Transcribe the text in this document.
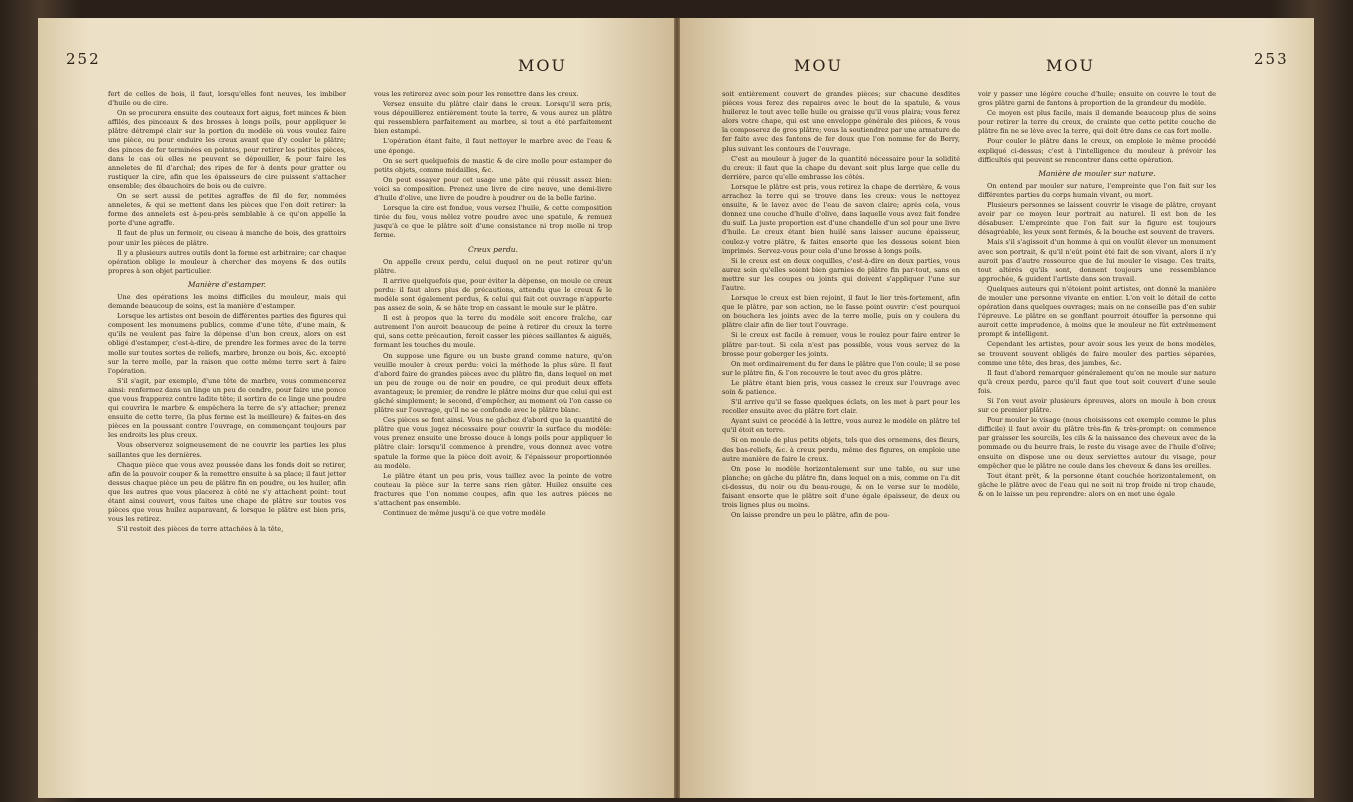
252	MOU

fert de celles de bois, il faut, lorsqu'elles font neuves, les imbiber d'huile ou de cire.

On se procurera ensuite des couteaux fort aigus, fort minces & bien affilés, des pinceaux & des brosses à longs poils, pour appliquer le plâtre détrempé clair sur la portion du modèle où vous voulez faire une pièce, ou pour enduire les creux avant que d'y couler le plâtre; des pinces de fer terminées en pointes, pour retirer les petites pièces, dans le cas où elles ne peuvent se dépouiller, & pour faire les anneletes de fil d'archal; des ripes de fer à dents pour gratter ou rustiquer la cire, afin que les épaisseurs de cire puissent s'attacher ensemble; des ébauchoirs de bois ou de cuivre.

On se sert aussi de petites agraffes de fil de fer, nommées anneletes, & qui se mettent dans les pièces que l'on doit retirer: la forme des annelets est à-peu-près semblable à ce qu'on appelle la porte d'une agraffe.

Il faut de plus un fermoir, ou ciseau à manche de bois, des grattoirs pour unir les pièces de plâtre.

Il y a plusieurs autres outils dont la forme est arbitraire; car chaque opération oblige le mouleur à chercher des moyens & des outils propres à son objet particulier.

Manière d'estamper.

Une des opérations les moins difficiles du mouleur, mais qui demande beaucoup de soins, est la manière d'estamper.

Lorsque les artistes ont besoin de différentes parties des figures qui composent les monumens publics, comme d'une tête, d'une main, & qu'ils ne veulent pas faire la dépense d'un bon creux, alors on est obligé d'estamper, c'est-à-dire, de prendre les formes avec de la terre molle sur toutes sortes de reliefs, marbre, bronze ou bois, &c. excepté sur la terre molle, par la raison que cette même terre sert à faire l'opération.

S'il s'agit, par exemple, d'une tête de marbre, vous commencerez ainsi: renfermez dans un linge un peu de cendre, pour faire une ponce que vous frapperez contre ladite tête; il sortira de ce linge une poudre qui couvrira le marbre & empêchera la terre de s'y attacher; prenez ensuite de cette terre, (la plus ferme est la meilleure) & faites-en des pièces en la poussant contre l'ouvrage, en commençant toujours par les endroits les plus creux.

Vous observerez soigneusement de ne couvrir les parties les plus saillantes que les dernières.

Chaque pièce que vous avez poussée dans les fonds doit se retirer, afin de la pouvoir couper & la remettre ensuite à sa place; il faut jetter dessus chaque pièce un peu de plâtre fin en poudre, ou les huiler, afin que les autres que vous placerez à côté ne s'y attachent point: tout étant ainsi couvert, vous faites une chape de plâtre sur toutes vos pièces que vous huilez auparavant, & lorsque le plâtre est bien pris, vous les retirez.

S'il restoit des pièces de terre attachées à la tête,

vous les retirerez avec soin pour les remettre dans les creux.

Versez ensuite du plâtre clair dans le creux. Lorsqu'il sera pris, vous dépouillerez entièrement toute la terre, & vous aurez un plâtre qui ressemblera parfaitement au marbre, si tout a été parfaitement bien estampé.

L'opération étant faite, il faut nettoyer le marbre avec de l'eau & une éponge.

On se sert quelquefois de mastic & de cire molle pour estamper de petits objets, comme médailles, &c.

On peut essayer pour cet usage une pâte qui réussit assez bien: voici sa composition. Prenez une livre de cire neuve, une demi-livre d'huile d'olive, une livre de poudre à poudrer ou de la belle farine.

Lorsque la cire est fondue, vous versez l'huile, & cette composition tirée du feu, vous mêlez votre poudre avec une spatule, & remuez jusqu'à ce que le plâtre soit d'une consistance ni trop molle ni trop ferme.

Creux perdu.

On appelle creux perdu, celui duquel on ne peut retirer qu'un plâtre.

Il arrive quelquefois que, pour éviter la dépense, on moule ce creux perdu: il faut alors plus de précautions, attendu que le creux & le modèle sont également perdus, & celui qui fait cet ouvrage n'apporte pas assez de soin, & se hâte trop en cassant le moule sur le plâtre.

Il est à propos que la terre du modèle soit encore fraîche, car autrement l'on auroit beaucoup de peine à retirer du creux la terre qui, sans cette précaution, feroit casser les pièces saillantes & aiguës, formant les touches du moule.

On suppose une figure ou un buste grand comme nature, qu'on veuille mouler à creux perdu: voici la méthode la plus sûre. Il faut d'abord faire de grandes pièces avec du plâtre fin, dans lequel on met un peu de rouge ou de noir en poudre, ce qui produit deux effets avantageux; le premier, de rendre le plâtre moins dur que celui qui est gâché simplement; le second, d'empêcher, au moment où l'on casse ce plâtre sur l'ouvrage, qu'il ne se confonde avec le plâtre blanc.

Ces pièces se font ainsi. Vous ne gâchez d'abord que la quantité de plâtre que vous jugez nécessaire pour couvrir la surface du modèle: vous prenez ensuite une brosse douce à longs poils pour appliquer le plâtre clair: lorsqu'il commence à prendre, vous donnez avec votre spatule la forme que la pièce doit avoir, & l'épaisseur proportionnée au modèle.

Le plâtre étant un peu pris, vous taillez avec la pointe de votre couteau la pièce sur la terre sans rien gâter. Huilez ensuite ces fractures que l'on nomme coupes, afin que les autres pièces ne s'attachent pas ensemble.

Continuez de même jusqu'à ce que votre modèle

MOU	MOU	253

soit entièrement couvert de grandes pièces; sur chacune desdites pièces vous ferez des repaires avec le bout de la spatule, & vous huilerez le tout avec telle huile ou graisse qu'il vous plaira; vous ferez alors votre chape, qui est une enveloppe générale des pièces, & vous la composerez de gros plâtre; vous la soutiendrez par une armature de fer faite avec des fantons de fer doux que l'on nomme fer de Berry, plus suivant les contours de l'ouvrage.

C'est au mouleur à juger de la quantité nécessaire pour la solidité du creux: il faut que la chape du devant soit plus large que celle du derrière, parce qu'elle embrasse les côtés.

Lorsque le plâtre est pris, vous retirez la chape de derrière, & vous arrachez la terre qui se trouve dans les creux: vous le nettoyez ensuite, & le lavez avec de l'eau de savon claire; après cela, vous donnez une couche d'huile d'olive, dans laquelle vous avez fait fondre du suif. La juste proportion est d'une chandelle d'un sol pour une livre d'huile. Le creux étant bien huilé sans laisser aucune épaisseur, coulez-y votre plâtre, & faites ensorte que les dessous soient bien imprimés. Servez-vous pour cela d'une brosse à longs poils.

Si le creux est en deux coquilles, c'est-à-dire en deux parties, vous aurez soin qu'elles soient bien garnies de plâtre fin par-tout, sans en mettre sur les coupes ou joints qui doivent s'appliquer l'une sur l'autre.

Lorsque le creux est bien rejoint, il faut le lier très-fortement, afin que le plâtre, par son action, ne le fasse point ouvrir: c'est pourquoi on bouchera les joints avec de la terre molle, puis on y coulera du plâtre clair afin de lier tout l'ouvrage.

Si le creux est facile à remuer, vous le roulez pour faire entrer le plâtre par-tout. Si cela n'est pas possible, vous vous servez de la brosse pour goberger les joints.

On met ordinairement du fer dans le plâtre que l'on coule; il se pose sur le plâtre fin, & l'on recouvre le tout avec du gros plâtre.

Le plâtre étant bien pris, vous cassez le creux sur l'ouvrage avec soin & patience.

S'il arrive qu'il se fasse quelques éclats, on les met à part pour les recoller ensuite avec du plâtre fort clair.

Ayant suivi ce procédé à la lettre, vous aurez le modèle en plâtre tel qu'il étoit en terre.

Si on moule de plus petits objets, tels que des ornemens, des fleurs, des bas-reliefs, &c. à creux perdu, même des figures, on emploie une autre manière de faire le creux.

On pose le modèle horizontalement sur une table, ou sur une planche; on gâche du plâtre fin, dans lequel on a mis, comme on l'a dit ci-dessus, du noir ou du beau-rouge, & on le verse sur le modèle, faisant ensorte que le plâtre soit d'une égale épaisseur, de deux ou trois lignes plus ou moins.

On laisse prendre un peu le plâtre, afin de pou-

voir y passer une légère couche d'huile; ensuite on couvre le tout de gros plâtre garni de fantons à proportion de la grandeur du modèle.

Ce moyen est plus facile, mais il demande beaucoup plus de soins pour retirer la terre du creux, de crainte que cette petite couche de plâtre fin ne se lève avec la terre, qui doit être dans ce cas fort molle.

Pour couler le plâtre dans le creux, on emploie le même procédé expliqué ci-dessus; c'est à l'intelligence du mouleur à prévoir les difficultés qui peuvent se rencontrer dans cette opération.

Manière de mouler sur nature.

On entend par mouler sur nature, l'empreinte que l'on fait sur les différentes parties du corps humain vivant, ou mort.

Plusieurs personnes se laissent couvrir le visage de plâtre, croyant avoir par ce moyen leur portrait au naturel. Il est bon de les désabuser. L'empreinte que l'on fait sur la figure est toujours désagréable, les yeux sont fermés, & la bouche est souvent de travers.

Mais s'il s'agissoit d'un homme à qui on voulût élever un monument avec son portrait, & qu'il n'eût point été fait de son vivant, alors il n'y auroit pas d'autre ressource que de lui mouler le visage. Ces traits, tout altérés qu'ils sont, donnent toujours une ressemblance approchée, & guident l'artiste dans son travail.

Quelques auteurs qui n'étoient point artistes, ont donné la manière de mouler une personne vivante en entier. L'on voit le détail de cette opération dans quelques ouvrages; mais on ne conseille pas d'en subir l'épreuve. Le plâtre en se gonflant pourroit étouffer la personne qui auroit cette imprudence, à moins que le mouleur ne fût extrêmement prompt & intelligent.

Cependant les artistes, pour avoir sous les yeux de bons modèles, se trouvent souvent obligés de faire mouler des parties séparées, comme une tête, des bras, des jambes, &c.

Il faut d'abord remarquer généralement qu'on ne moule sur nature qu'à creux perdu, parce qu'il faut que tout soit couvert d'une seule fois.

Si l'on veut avoir plusieurs épreuves, alors on moule à bon creux sur ce premier plâtre.

Pour mouler le visage (nous choisissons cet exemple comme le plus difficile) il faut avoir du plâtre très-fin & très-prompt: on commence par graisser les sourcils, les cils & la naissance des cheveux avec de la pommade ou du beurre frais, le reste du visage avec de l'huile d'olive; ensuite on dispose une ou deux serviettes autour du visage, pour empêcher que le plâtre ne coule dans les cheveux & dans les oreilles.

Tout étant prêt, & la personne étant couchée horizontalement, on gâche le plâtre avec de l'eau qui ne soit ni trop froide ni trop chaude, & on le laisse un peu reprendre: alors on en met une égale
